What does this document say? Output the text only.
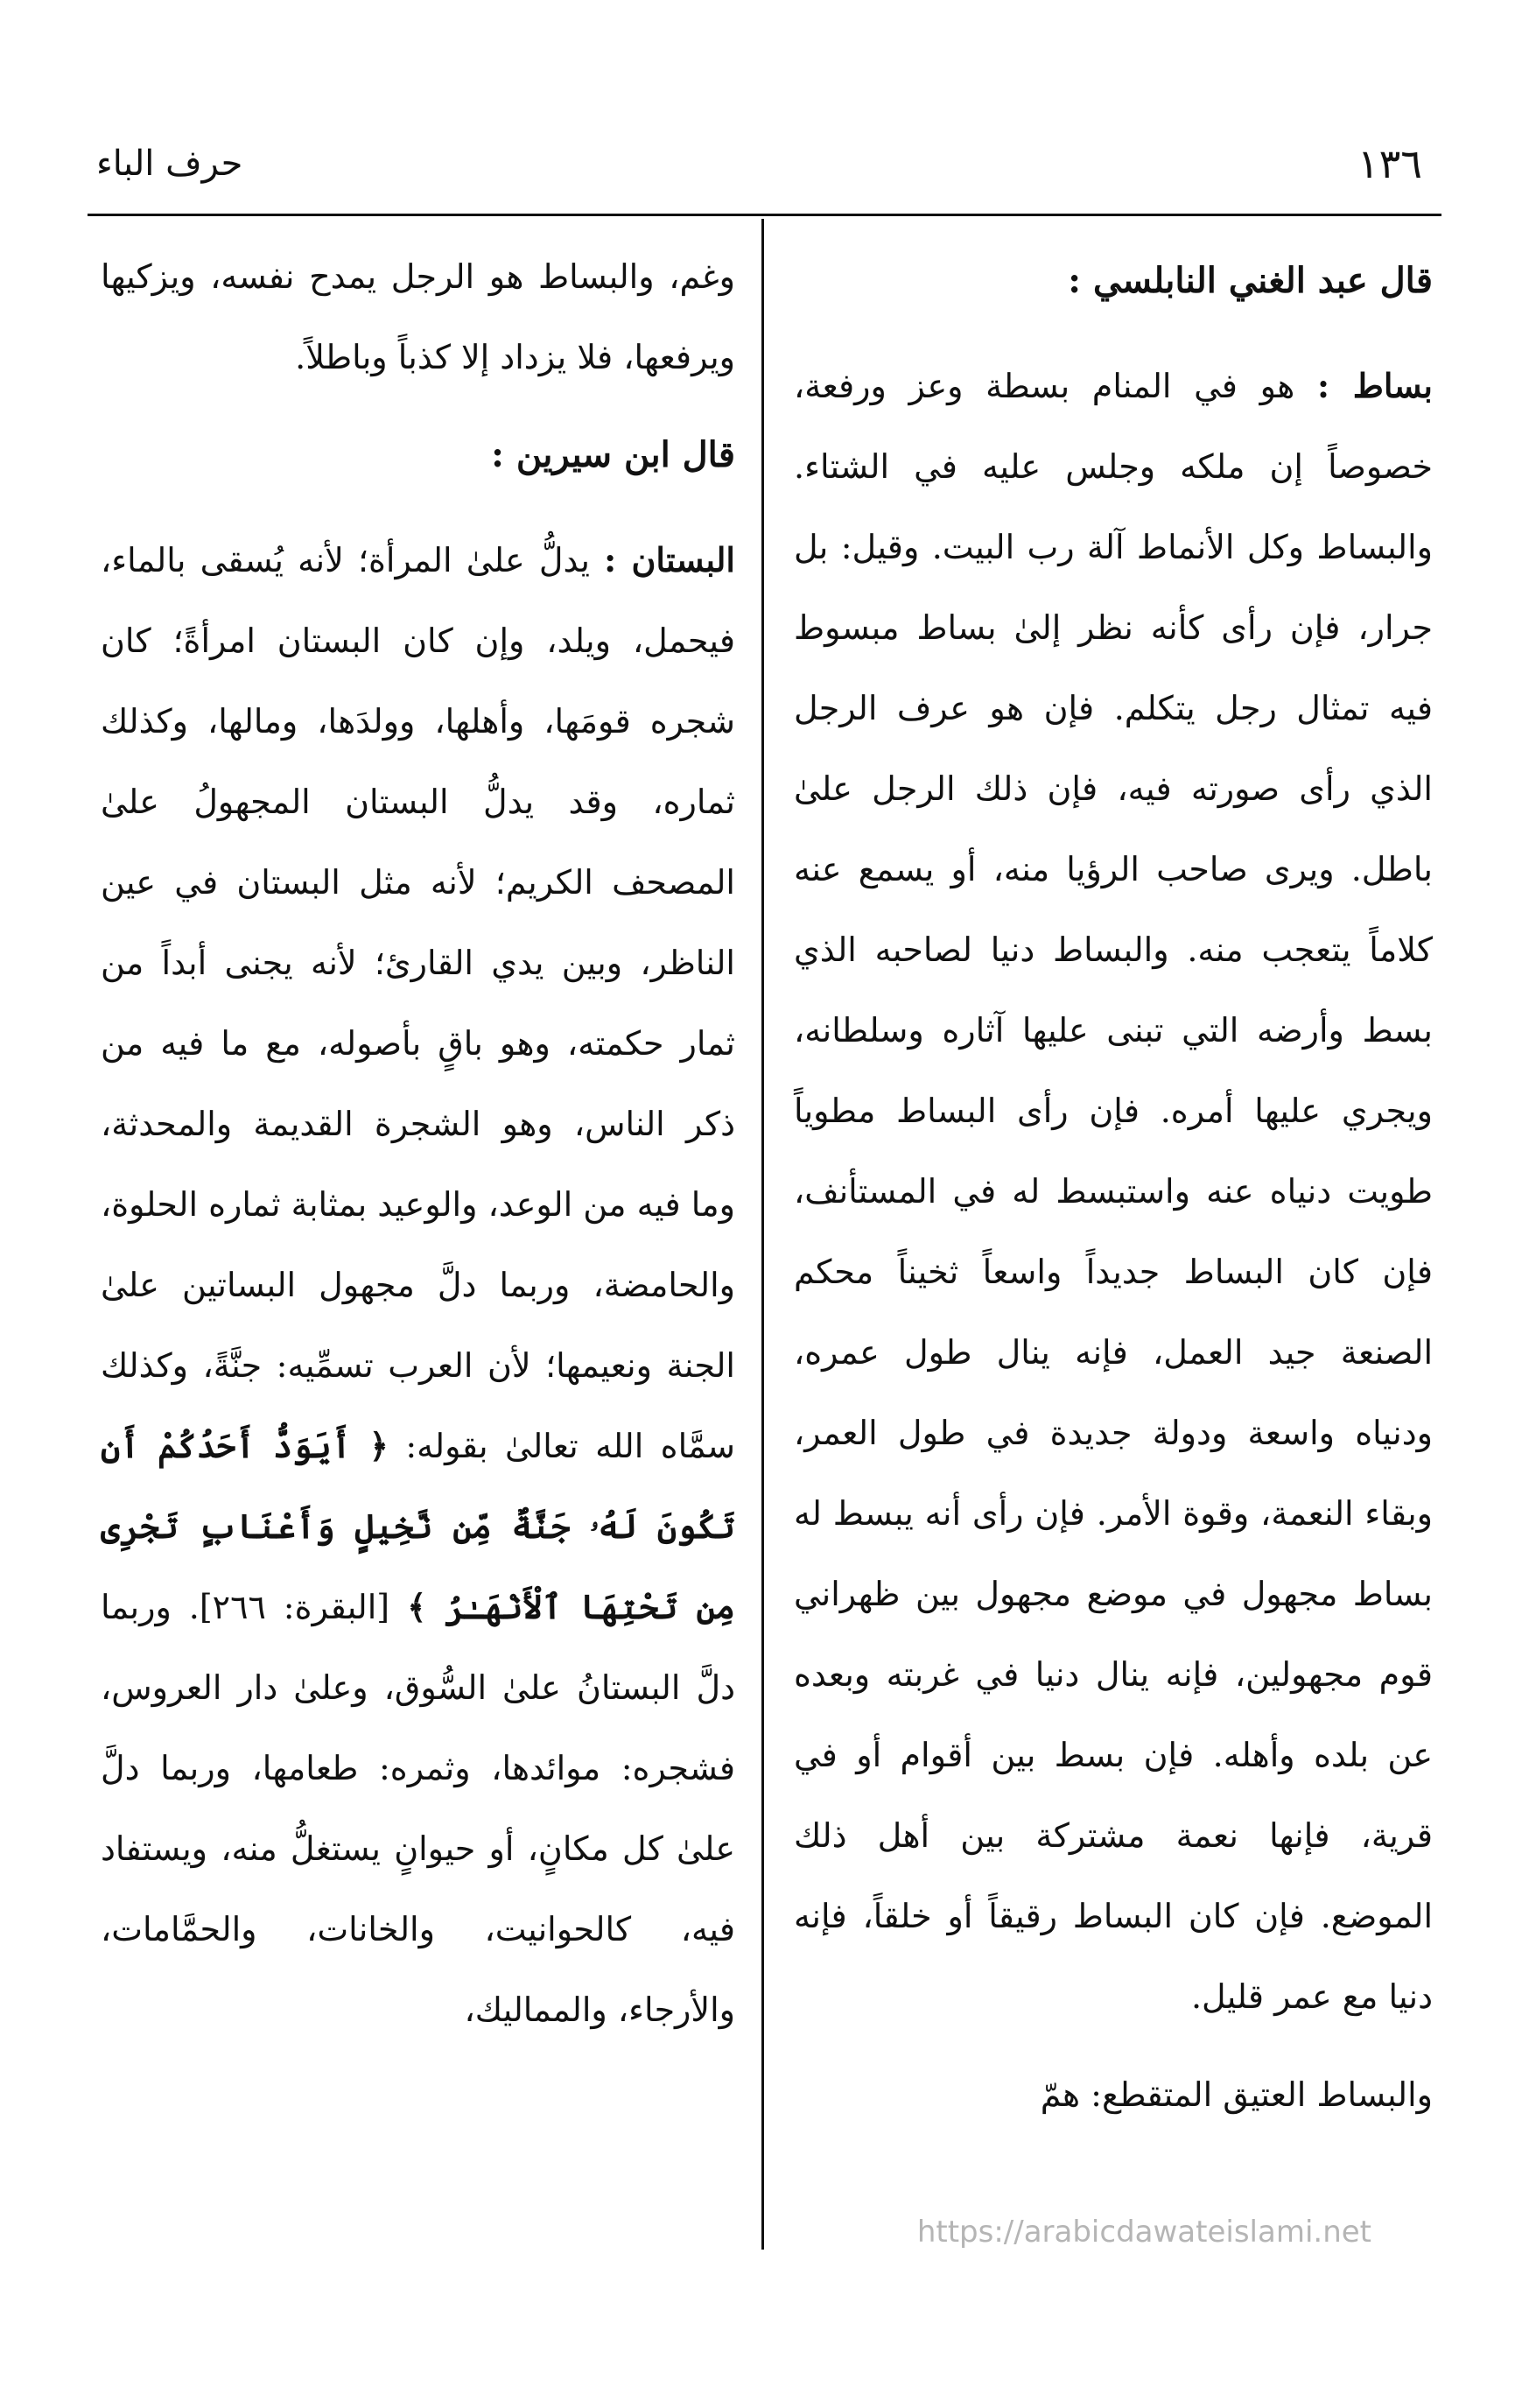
١٣٦
حرف الباء
قال عبد الغني النابلسي :

بساط : هو في المنام بسطة وعز ورفعة، خصوصاً إن ملكه وجلس عليه في الشتاء. والبساط وكل الأنماط آلة رب البيت. وقيل: بل جرار، فإن رأى كأنه نظر إلىٰ بساط مبسوط فيه تمثال رجل يتكلم. فإن هو عرف الرجل الذي رأى صورته فيه، فإن ذلك الرجل علىٰ باطل. ويرى صاحب الرؤيا منه، أو يسمع عنه كلاماً يتعجب منه. والبساط دنيا لصاحبه الذي بسط وأرضه التي تبنى عليها آثاره وسلطانه، ويجري عليها أمره. فإن رأى البساط مطوياً طويت دنياه عنه واستبسط له في المستأنف، فإن كان البساط جديداً واسعاً ثخيناً محكم الصنعة جيد العمل، فإنه ينال طول عمره، ودنياه واسعة ودولة جديدة في طول العمر، وبقاء النعمة، وقوة الأمر. فإن رأى أنه يبسط له بساط مجهول في موضع مجهول بين ظهراني قوم مجهولين، فإنه ينال دنيا في غربته وبعده عن بلده وأهله. فإن بسط بين أقوام أو في قرية، فإنها نعمة مشتركة بين أهل ذلك الموضع. فإن كان البساط رقيقاً أو خلقاً، فإنه دنيا مع عمر قليل.

والبساط العتيق المتقطع: همّ

وغم، والبساط هو الرجل يمدح نفسه، ويزكيها ويرفعها، فلا يزداد إلا كذباً وباطلاً.

قال ابن سيرين :

البستان : يدلُّ علىٰ المرأة؛ لأنه يُسقى بالماء، فيحمل، ويلد، وإن كان البستان امرأةً؛ كان شجره قومَها، وأهلها، وولدَها، ومالها، وكذلك ثماره، وقد يدلُّ البستان المجهولُ علىٰ المصحف الكريم؛ لأنه مثل البستان في عين الناظر، وبين يدي القارئ؛ لأنه يجنى أبداً من ثمار حكمته، وهو باقٍ بأصوله، مع ما فيه من ذكر الناس، وهو الشجرة القديمة والمحدثة، وما فيه من الوعد، والوعيد بمثابة ثماره الحلوة، والحامضة، وربما دلَّ مجهول البساتين علىٰ الجنة ونعيمها؛ لأن العرب تسمِّيه: جنَّةً، وكذلك سمَّاه الله تعالىٰ بقوله: ﴿ أَيَوَدُّ أَحَدُكُمْ أَن تَكُونَ لَهُۥ جَنَّةٌ مِّن نَّخِيلٍ وَأَعْنَابٍ تَجْرِى مِن تَحْتِهَا ٱلْأَنْهَـٰرُ ﴾ [البقرة: ٢٦٦]. وربما دلَّ البستانُ علىٰ السُّوق، وعلىٰ دار العروس، فشجره: موائدها، وثمره: طعامها، وربما دلَّ علىٰ كل مكانٍ، أو حيوانٍ يستغلُّ منه، ويستفاد فيه، كالحوانيت، والخانات، والحمَّامات، والأرجاء، والمماليك،

https://arabicdawateislami.net
